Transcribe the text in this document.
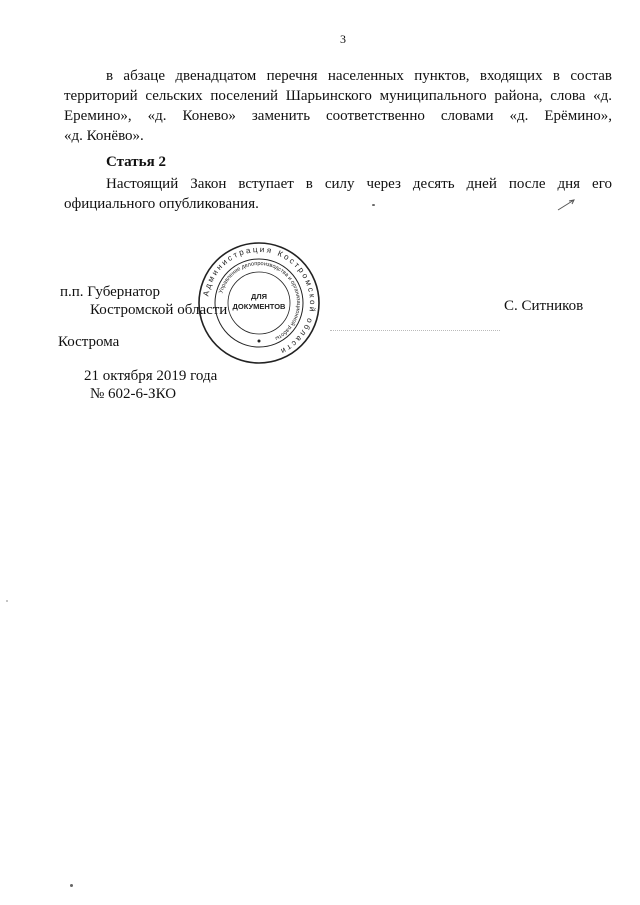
3
в абзаце двенадцатом перечня населенных пунктов, входящих в состав
территорий сельских поселений Шарьинского муниципального района, слова «д.
Еремино», «д. Конево» заменить соответственно словами «д. Ерёмино»,
«д. Конёво».
Статья 2
Настоящий Закон вступает в силу через десять дней после дня его
официального опубликования.
п.п. Губернатор
Костромской области	С. Ситников
Администрация Костромской области
Управление делопроизводства и организационной работы
ДЛЯ
ДОКУМЕНТОВ
Кострома
21 октября 2019 года
№ 602-6-ЗКО
